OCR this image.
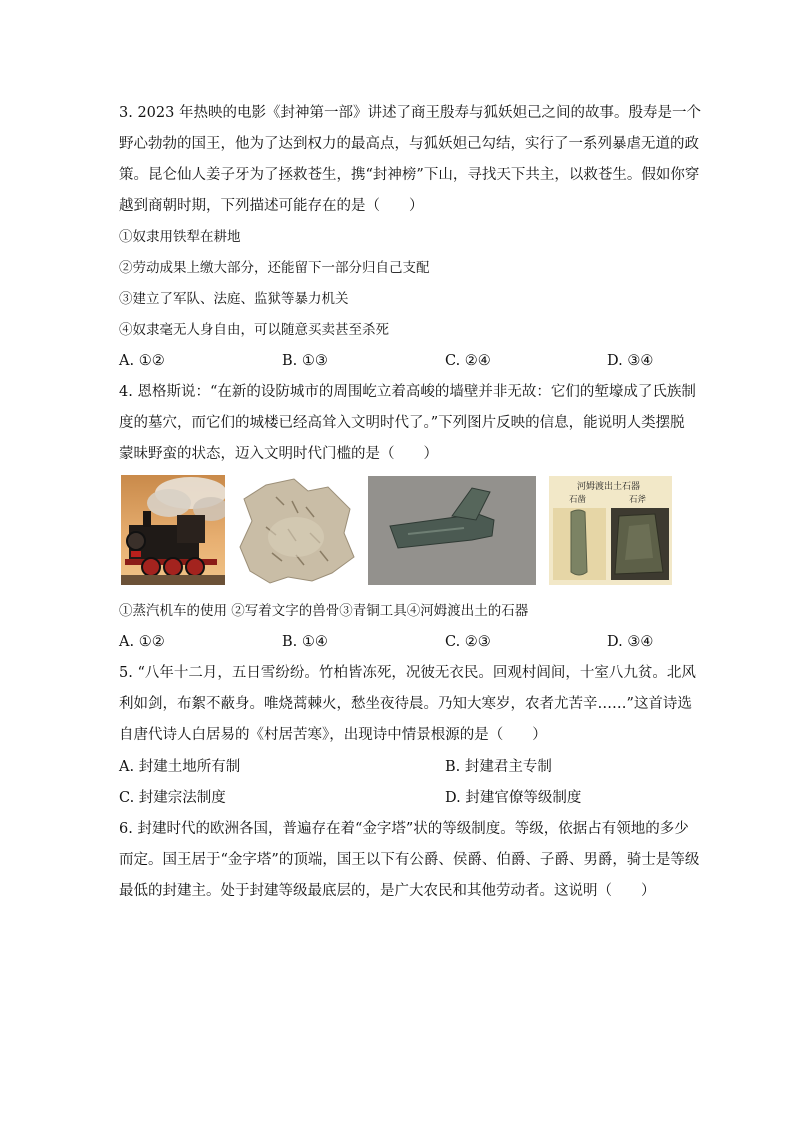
3. 2023 年热映的电影《封神第一部》讲述了商王殷寿与狐妖妲己之间的故事。殷寿是一个
野心勃勃的国王，他为了达到权力的最高点，与狐妖妲己勾结，实行了一系列暴虐无道的政
策。昆仑仙人姜子牙为了拯救苍生，携“封神榜”下山，寻找天下共主，以救苍生。假如你穿
越到商朝时期，下列描述可能存在的是（　　）
①奴隶用铁犁在耕地
②劳动成果上缴大部分，还能留下一部分归自己支配
③建立了军队、法庭、监狱等暴力机关
④奴隶毫无人身自由，可以随意买卖甚至杀死
A. ①②	B. ①③	C. ②④	D. ③④
4. 恩格斯说：“在新的设防城市的周围屹立着高峻的墙壁并非无故：它们的堑壕成了氏族制
度的墓穴，而它们的城楼已经高耸入文明时代了。”下列图片反映的信息，能说明人类摆脱
蒙昧野蛮的状态，迈入文明时代门槛的是（　　）
河姆渡出土石器
石凿	石斧
①蒸汽机车的使用 ②写着文字的兽骨③青铜工具④河姆渡出土的石器
A. ①②	B. ①④	C. ②③	D. ③④
5. “八年十二月，五日雪纷纷。竹柏皆冻死，况彼无衣民。回观村闾间，十室八九贫。北风
利如剑，布絮不蔽身。唯烧蒿棘火，愁坐夜待晨。乃知大寒岁，农者尤苦辛……”这首诗选
自唐代诗人白居易的《村居苦寒》，出现诗中情景根源的是（　　）
A. 封建土地所有制	B. 封建君主专制
C. 封建宗法制度	D. 封建官僚等级制度
6. 封建时代的欧洲各国，普遍存在着“金字塔”状的等级制度。等级，依据占有领地的多少
而定。国王居于“金字塔”的顶端，国王以下有公爵、侯爵、伯爵、子爵、男爵，骑士是等级
最低的封建主。处于封建等级最底层的，是广大农民和其他劳动者。这说明（　　）
